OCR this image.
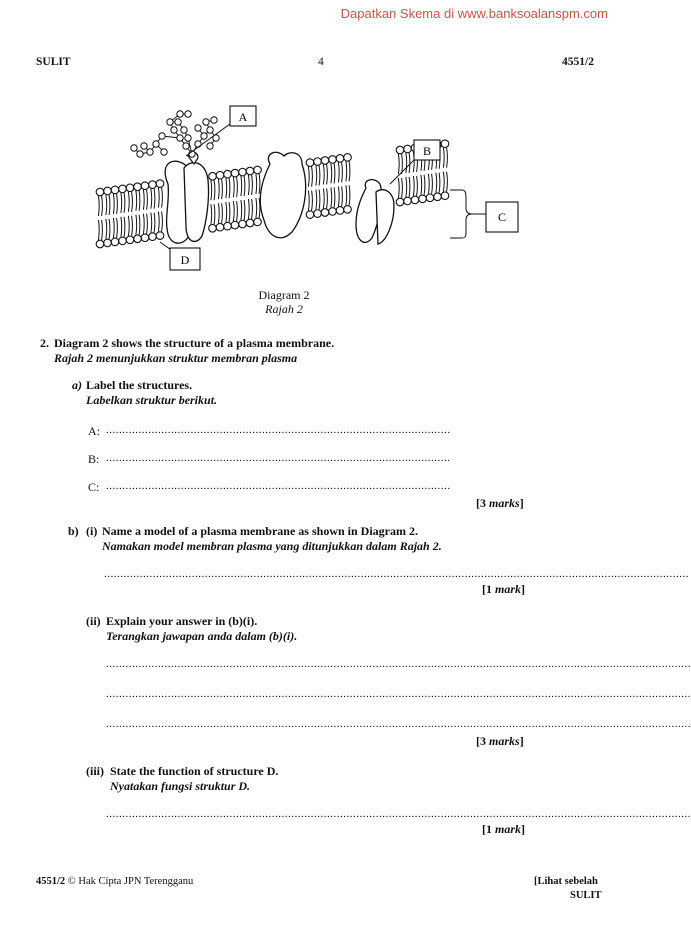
Dapatkan Skema di www.banksoalanspm.com
SULIT	4	4551/2
A
B
C
D
Diagram 2
Rajah 2
2. Diagram 2 shows the structure of a plasma membrane.
Rajah 2 menunjukkan struktur membran plasma
a) Label the structures.
Labelkan struktur berikut.
A: ..........................................................................................................
B: ..........................................................................................................
C: ..........................................................................................................
[3 marks]
b) (i) Name a model of a plasma membrane as shown in Diagram 2.
Namakan model membran plasma yang ditunjukkan dalam Rajah 2.
....................................................................................................................................................................................
[1 mark]
(ii) Explain your answer in (b)(i).
Terangkan jawapan anda dalam (b)(i).
....................................................................................................................................................................................
....................................................................................................................................................................................
....................................................................................................................................................................................
[3 marks]
(iii) State the function of structure D.
Nyatakan fungsi struktur D.
....................................................................................................................................................................................
[1 mark]
4551/2 © Hak Cipta JPN Terengganu	[Lihat sebelah
SULIT
